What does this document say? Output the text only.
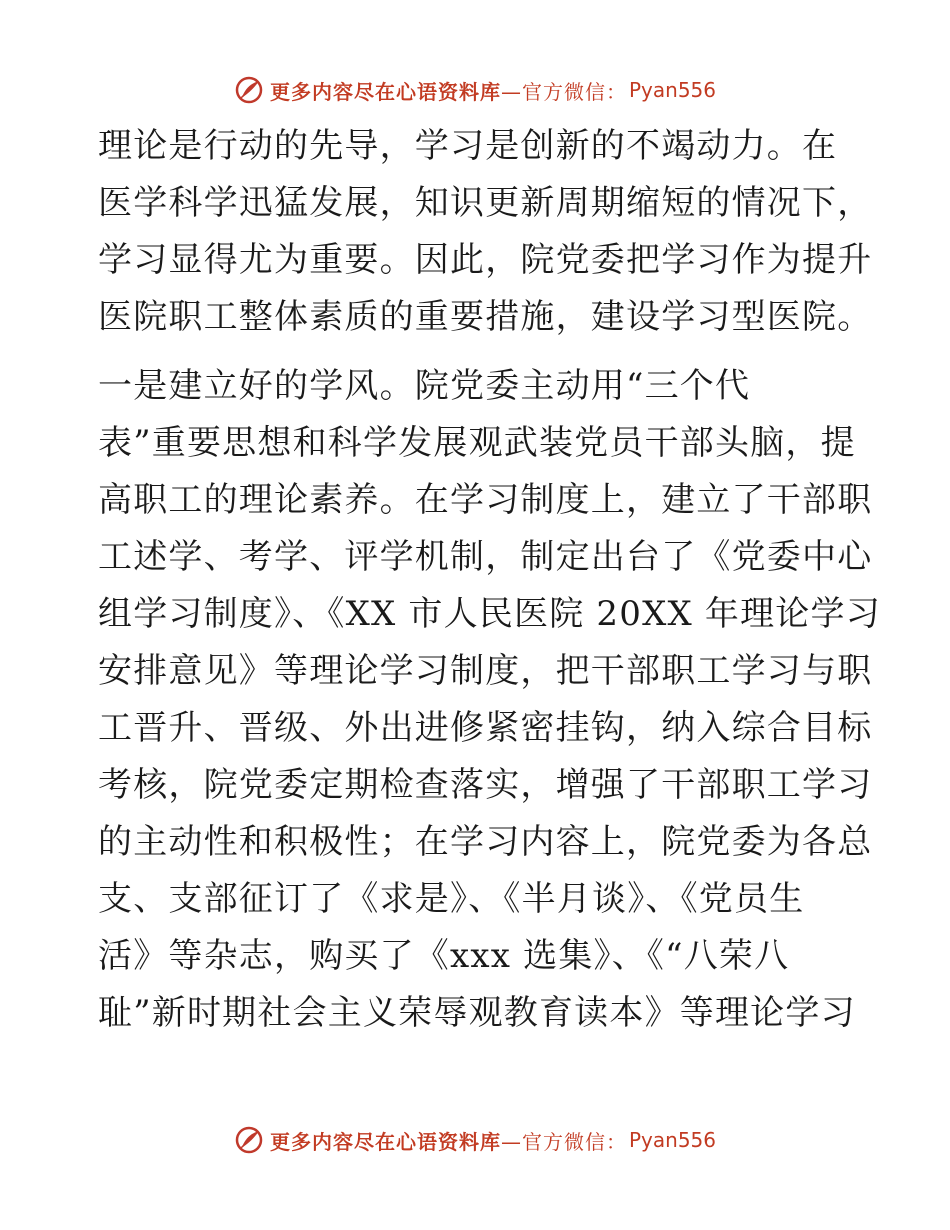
更多内容尽在心语资料库 —官方微信： Pyan556
理论是行动的先导，学习是创新的不竭动力。在
医学科学迅猛发展，知识更新周期缩短的情况下，
学习显得尤为重要。因此，院党委把学习作为提升
医院职工整体素质的重要措施，建设学习型医院。
一是建立好的学风。院党委主动用“三个代
表”重要思想和科学发展观武装党员干部头脑，提
高职工的理论素养。在学习制度上，建立了干部职
工述学、考学、评学机制，制定出台了《党委中心
组学习制度》、《XX 市人民医院 20XX 年理论学习
安排意见》等理论学习制度，把干部职工学习与职
工晋升、晋级、外出进修紧密挂钩，纳入综合目标
考核，院党委定期检查落实，增强了干部职工学习
的主动性和积极性；在学习内容上，院党委为各总
支、支部征订了《求是》、《半月谈》、《党员生
活》等杂志，购买了《xxx 选集》、《“八荣八
耻”新时期社会主义荣辱观教育读本》等理论学习
更多内容尽在心语资料库 —官方微信： Pyan556
